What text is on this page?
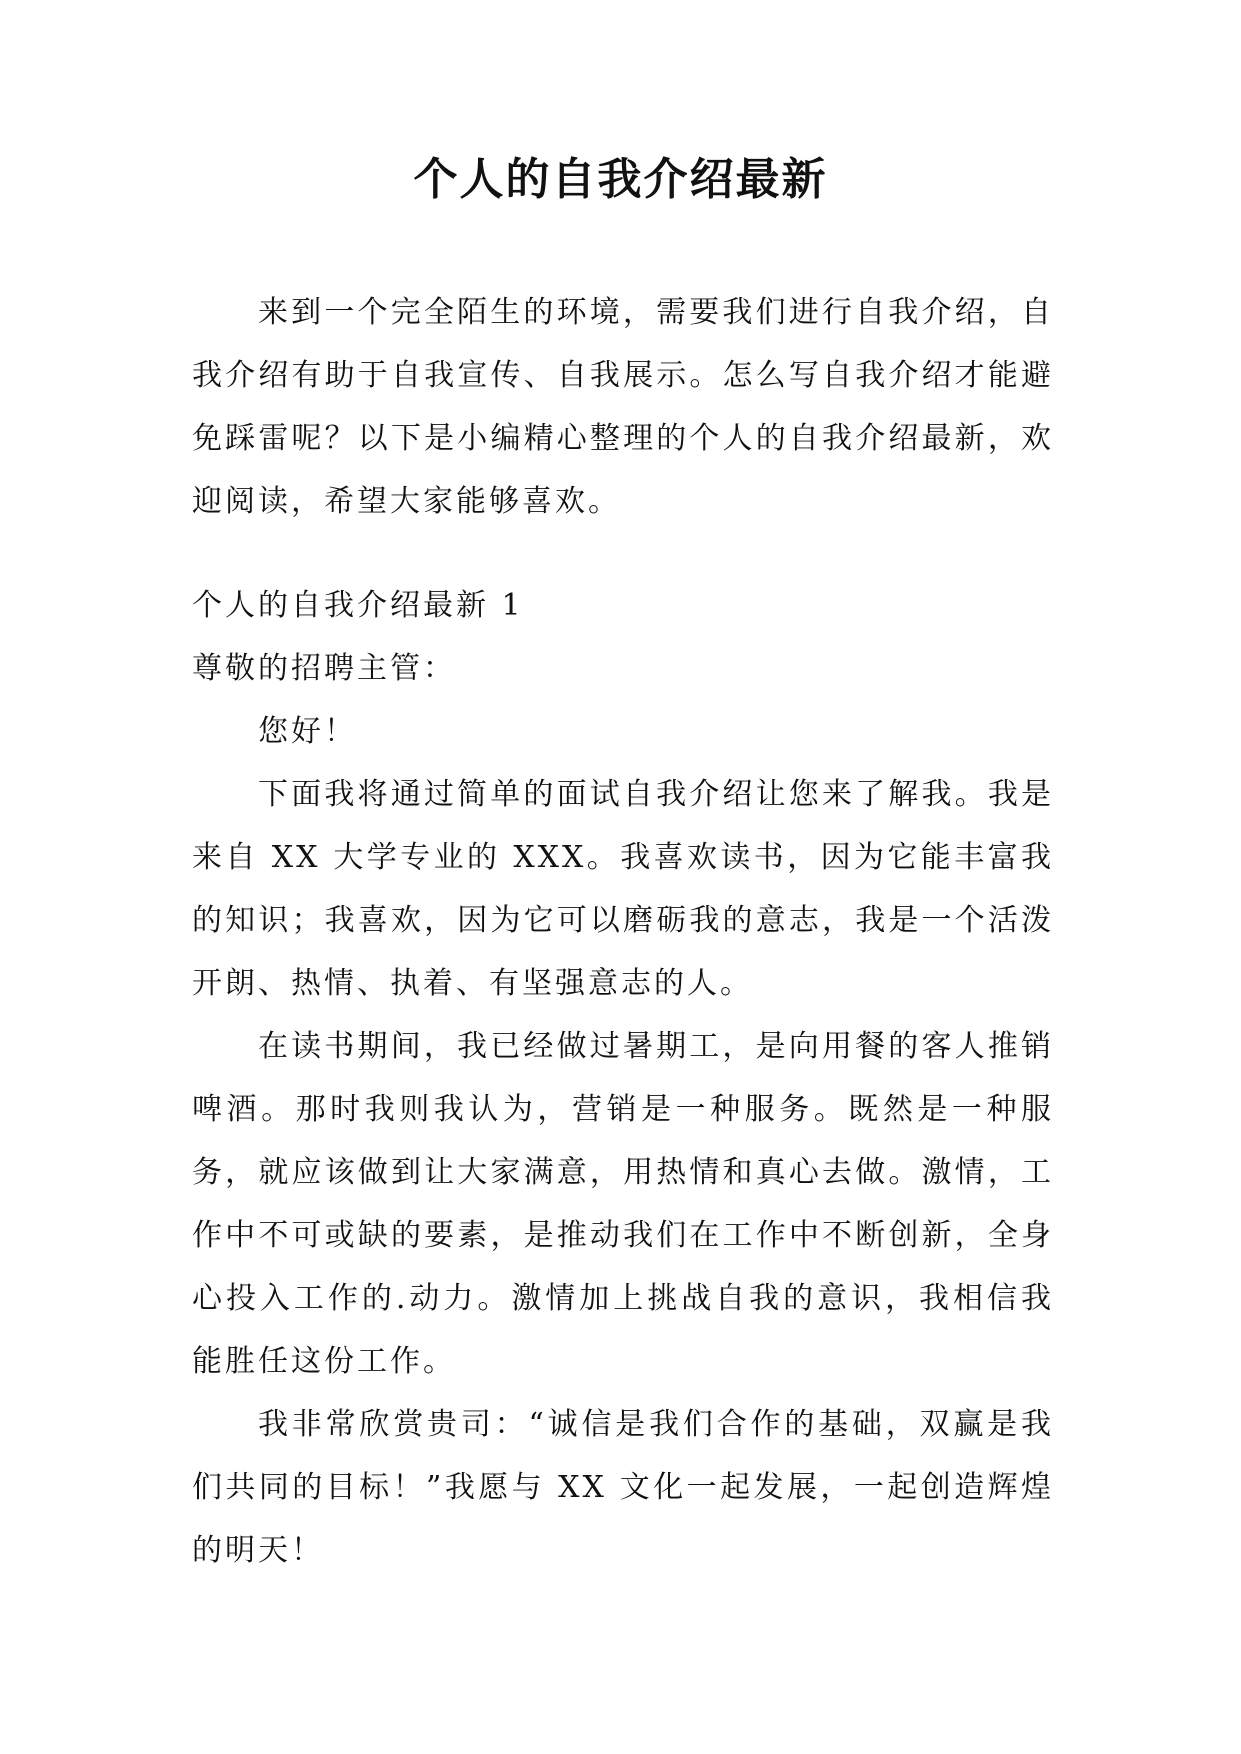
个人的自我介绍最新

来到一个完全陌生的环境，需要我们进行自我介绍，自我介绍有助于自我宣传、自我展示。怎么写自我介绍才能避免踩雷呢？以下是小编精心整理的个人的自我介绍最新，欢迎阅读，希望大家能够喜欢。

个人的自我介绍最新 1

尊敬的招聘主管：

您好！

下面我将通过简单的面试自我介绍让您来了解我。我是来自 XX 大学专业的 XXX。我喜欢读书，因为它能丰富我的知识；我喜欢，因为它可以磨砺我的意志，我是一个活泼开朗、热情、执着、有坚强意志的人。

在读书期间，我已经做过暑期工，是向用餐的客人推销啤酒。那时我则我认为，营销是一种服务。既然是一种服务，就应该做到让大家满意，用热情和真心去做。激情，工作中不可或缺的要素，是推动我们在工作中不断创新，全身心投入工作的.动力。激情加上挑战自我的意识，我相信我能胜任这份工作。

我非常欣赏贵司：“诚信是我们合作的基础，双赢是我们共同的目标！”我愿与 XX 文化一起发展，一起创造辉煌的明天！
